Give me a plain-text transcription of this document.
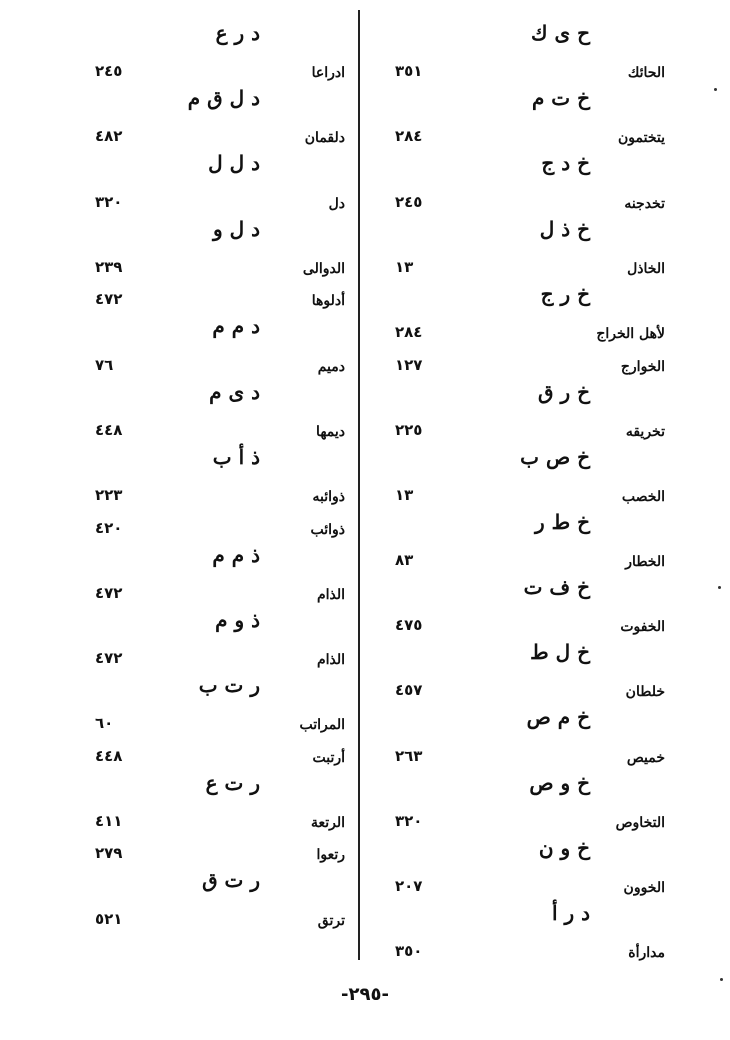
ح ى ك
الحائك
٣٥١
خ ت م
يتختمون
٢٨٤
خ د ج
تخدجنه
٢٤٥
خ ذ ل
الخاذل
١٣
خ ر ج
لأهل الخراج
٢٨٤
الخوارج
١٢٧
خ ر ق
تخريقه
٢٢٥
خ ص ب
الخصب
١٣
خ ط ر
الخطار
٨٣
خ ف ت
الخفوت
٤٧٥
خ ل ط
خلطان
٤٥٧
خ م ص
خميص
٢٦٣
خ و ص
التخاوص
٣٢٠
خ و ن
الخوون
٢٠٧
د ر أ
مدارأة
٣٥٠
د ر ع
ادراعا
٢٤٥
د ل ق م
دلقمان
٤٨٢
د ل ل
دل
٣٢٠
د ل و
الدوالى
٢٣٩
أدلوها
٤٧٢
د م م
دميم
٧٦
د ى م
ديمها
٤٤٨
ذ أ ب
ذوائبه
٢٢٣
ذوائب
٤٢٠
ذ م م
الذام
٤٧٢
ذ و م
الذام
٤٧٢
ر ت ب
المراتب
٦٠
أرتبت
٤٤٨
ر ت ع
الرتعة
٤١١
رتعوا
٢٧٩
ر ت ق
ترتق
٥٢١
-٢٩٥-
